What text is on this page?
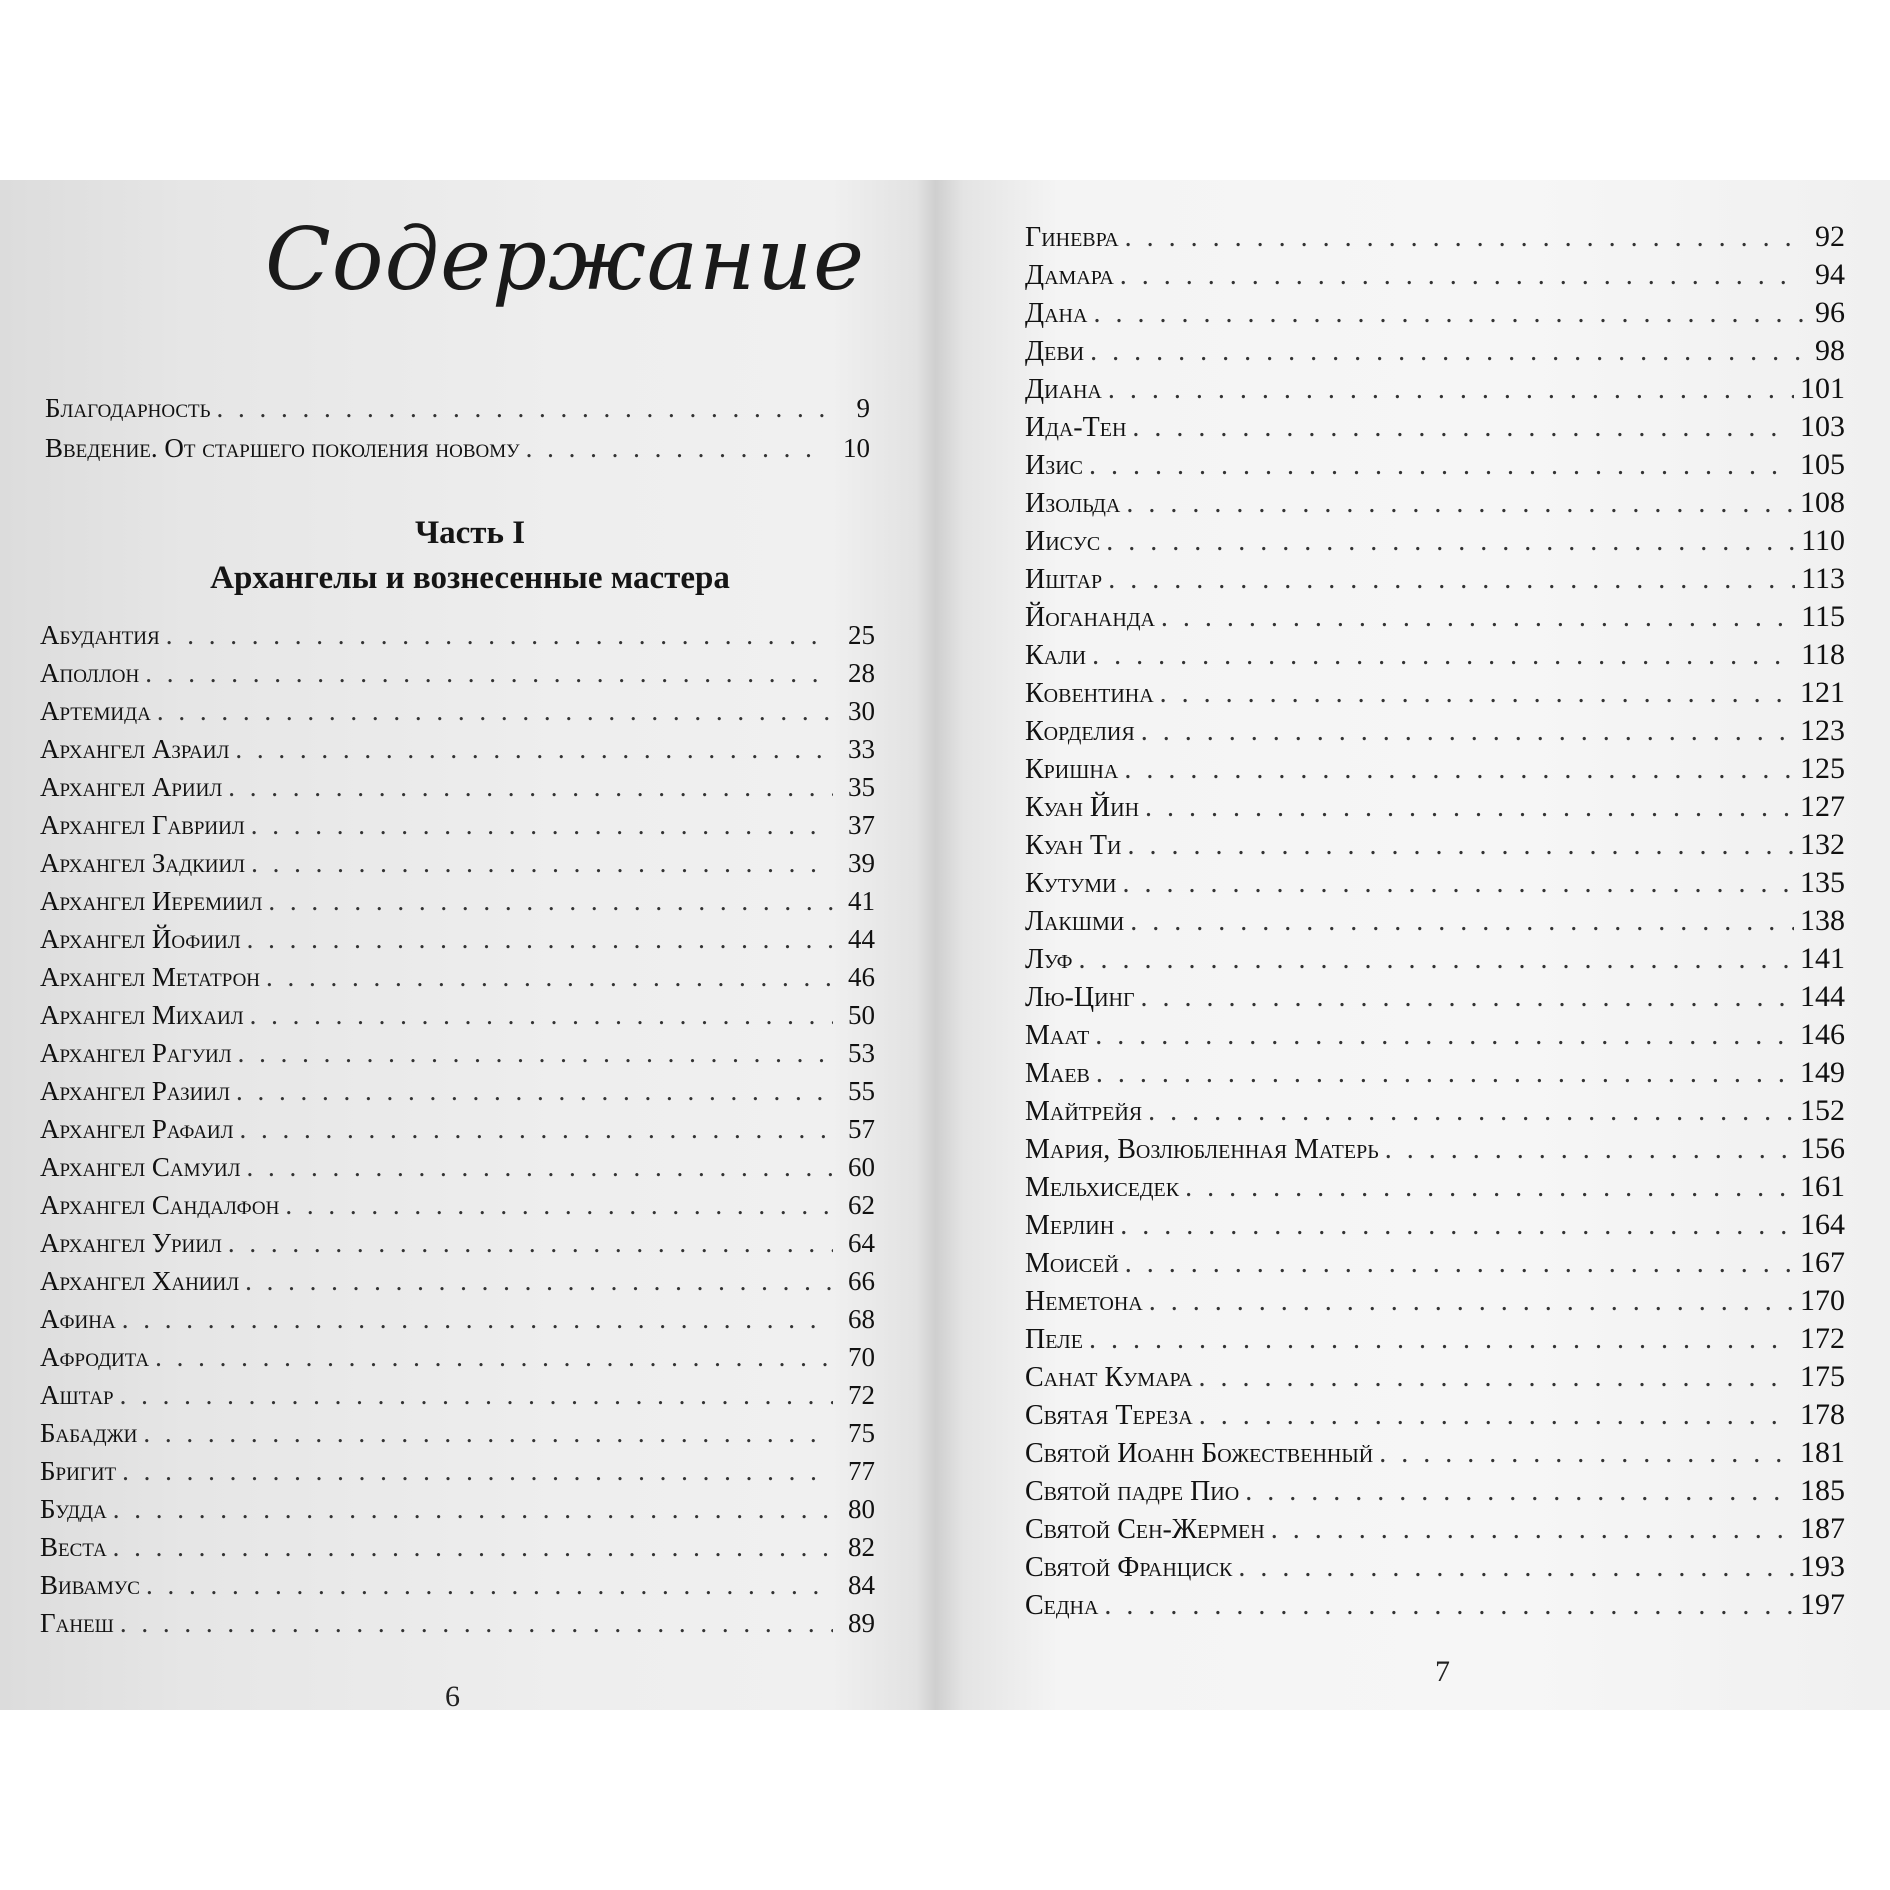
Содержание
Благодарность . . .	9
Введение. От старшего поколения новому . . .	10
Часть I
Архангелы и вознесенные мастера
Абудантия . . .	25
Аполлон . . .	28
Артемида . . .	30
Архангел Азраил . . .	33
Архангел Ариил . . .	35
Архангел Гавриил . . .	37
Архангел Задкиил . . .	39
Архангел Иеремиил . . .	41
Архангел Йофиил . . .	44
Архангел Метатрон . . .	46
Архангел Михаил . . .	50
Архангел Рагуил . . .	53
Архангел Разиил . . .	55
Архангел Рафаил . . .	57
Архангел Самуил . . .	60
Архангел Сандалфон . . .	62
Архангел Уриил . . .	64
Архангел Ханиил . . .	66
Афина . . .	68
Афродита . . .	70
Аштар . . .	72
Бабаджи . . .	75
Бригит . . .	77
Будда . . .	80
Веста . . .	82
Вивамус . . .	84
Ганеш . . .	89
6
Гиневра . . .	92
Дамара . . .	94
Дана . . .	96
Деви . . .	98
Диана . . .	101
Ида-Тен . . .	103
Изис . . .	105
Изольда . . .	108
Иисус . . .	110
Иштар . . .	113
Йогананда . . .	115
Кали . . .	118
Ковентина . . .	121
Корделия . . .	123
Кришна . . .	125
Куан Йин . . .	127
Куан Ти . . .	132
Кутуми . . .	135
Лакшми . . .	138
Луф . . .	141
Лю-Цинг . . .	144
Маат . . .	146
Маев . . .	149
Майтрейя . . .	152
Мария, Возлюбленная Матерь . . .	156
Мельхиседек . . .	161
Мерлин . . .	164
Моисей . . .	167
Неметона . . .	170
Пеле . . .	172
Санат Кумара . . .	175
Святая Тереза . . .	178
Святой Иоанн Божественный . . .	181
Святой падре Пио . . .	185
Святой Сен-Жермен . . .	187
Святой Франциск . . .	193
Седна . . .	197
7
